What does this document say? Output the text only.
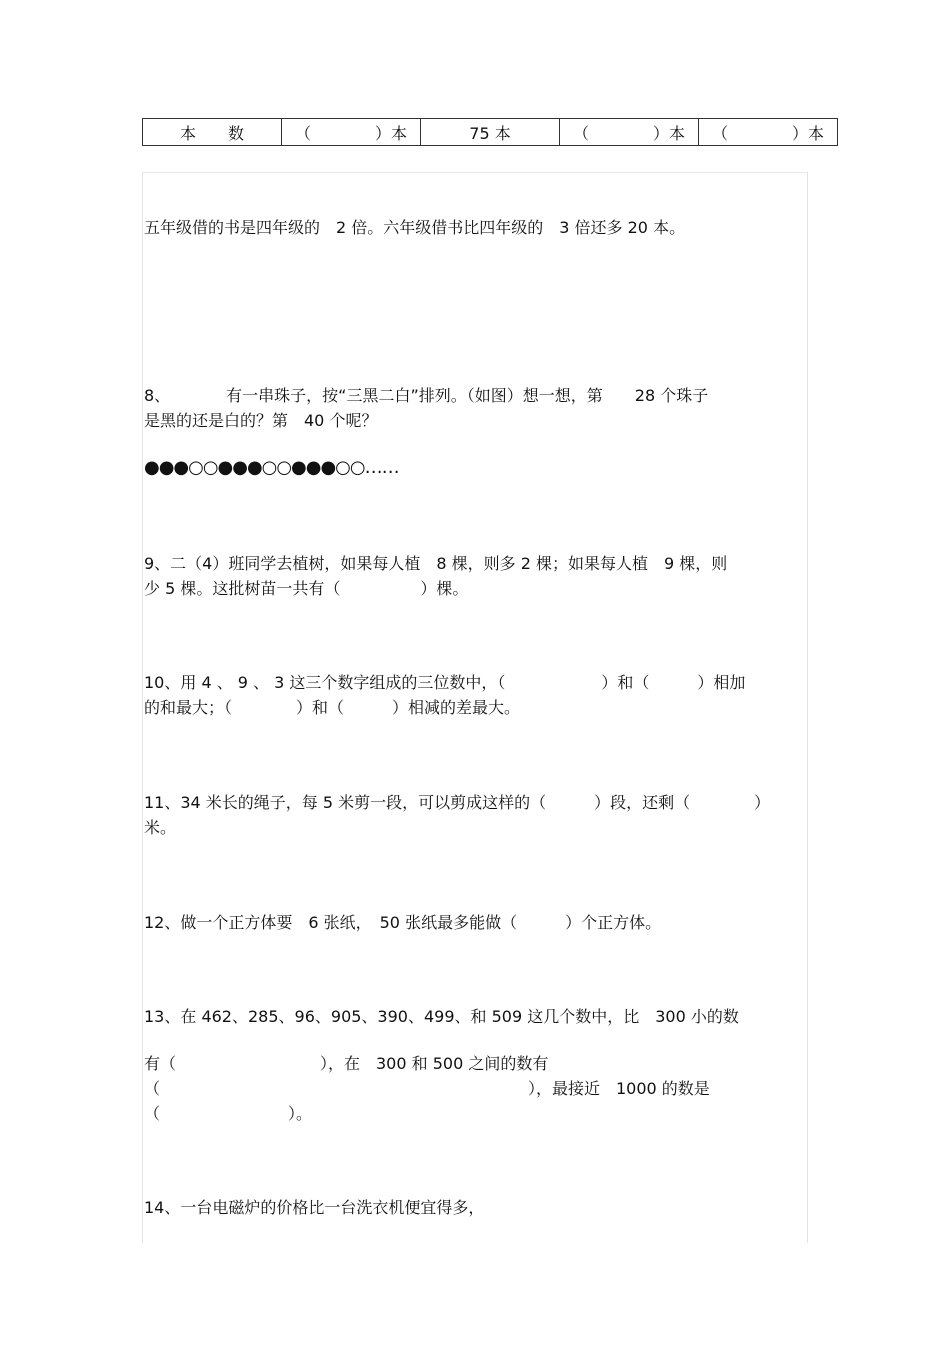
本　　数	（　　　　）本	75 本	（　　　　）本	（　　　　）本
五年级借的书是四年级的　2 倍。六年级借书比四年级的　3 倍还多 20 本。
8、　　　　有一串珠子，按“三黑二白”排列。（如图）想一想，第　　28 个珠子
是黑的还是白的？第　40 个呢？
●●●○○●●●○○●●●○○……
9、二（4）班同学去植树，如果每人植　8 棵，则多 2 棵；如果每人植　9 棵，则
少 5 棵。这批树苗一共有（　　　　　）棵。
10、用 4 、 9 、 3 这三个数字组成的三位数中，（　　　　　　）和（　　　）相加
的和最大；（　　　　）和（　　　）相减的差最大。
11、34 米长的绳子，每 5 米剪一段，可以剪成这样的（　　　）段，还剩（　　　　）
米。
12、做一个正方体要　6 张纸，　50 张纸最多能做（　　　）个正方体。
13、在 462、285、96、905、390、499、和 509 这几个数中，比　300 小的数
有（　　　　　　　　　），在　300 和 500 之间的数有
（　　　　　　　　　　　　　　　　　　　　　　　），最接近　1000 的数是
（　　　　　　　　）。
14、一台电磁炉的价格比一台洗衣机便宜得多，
